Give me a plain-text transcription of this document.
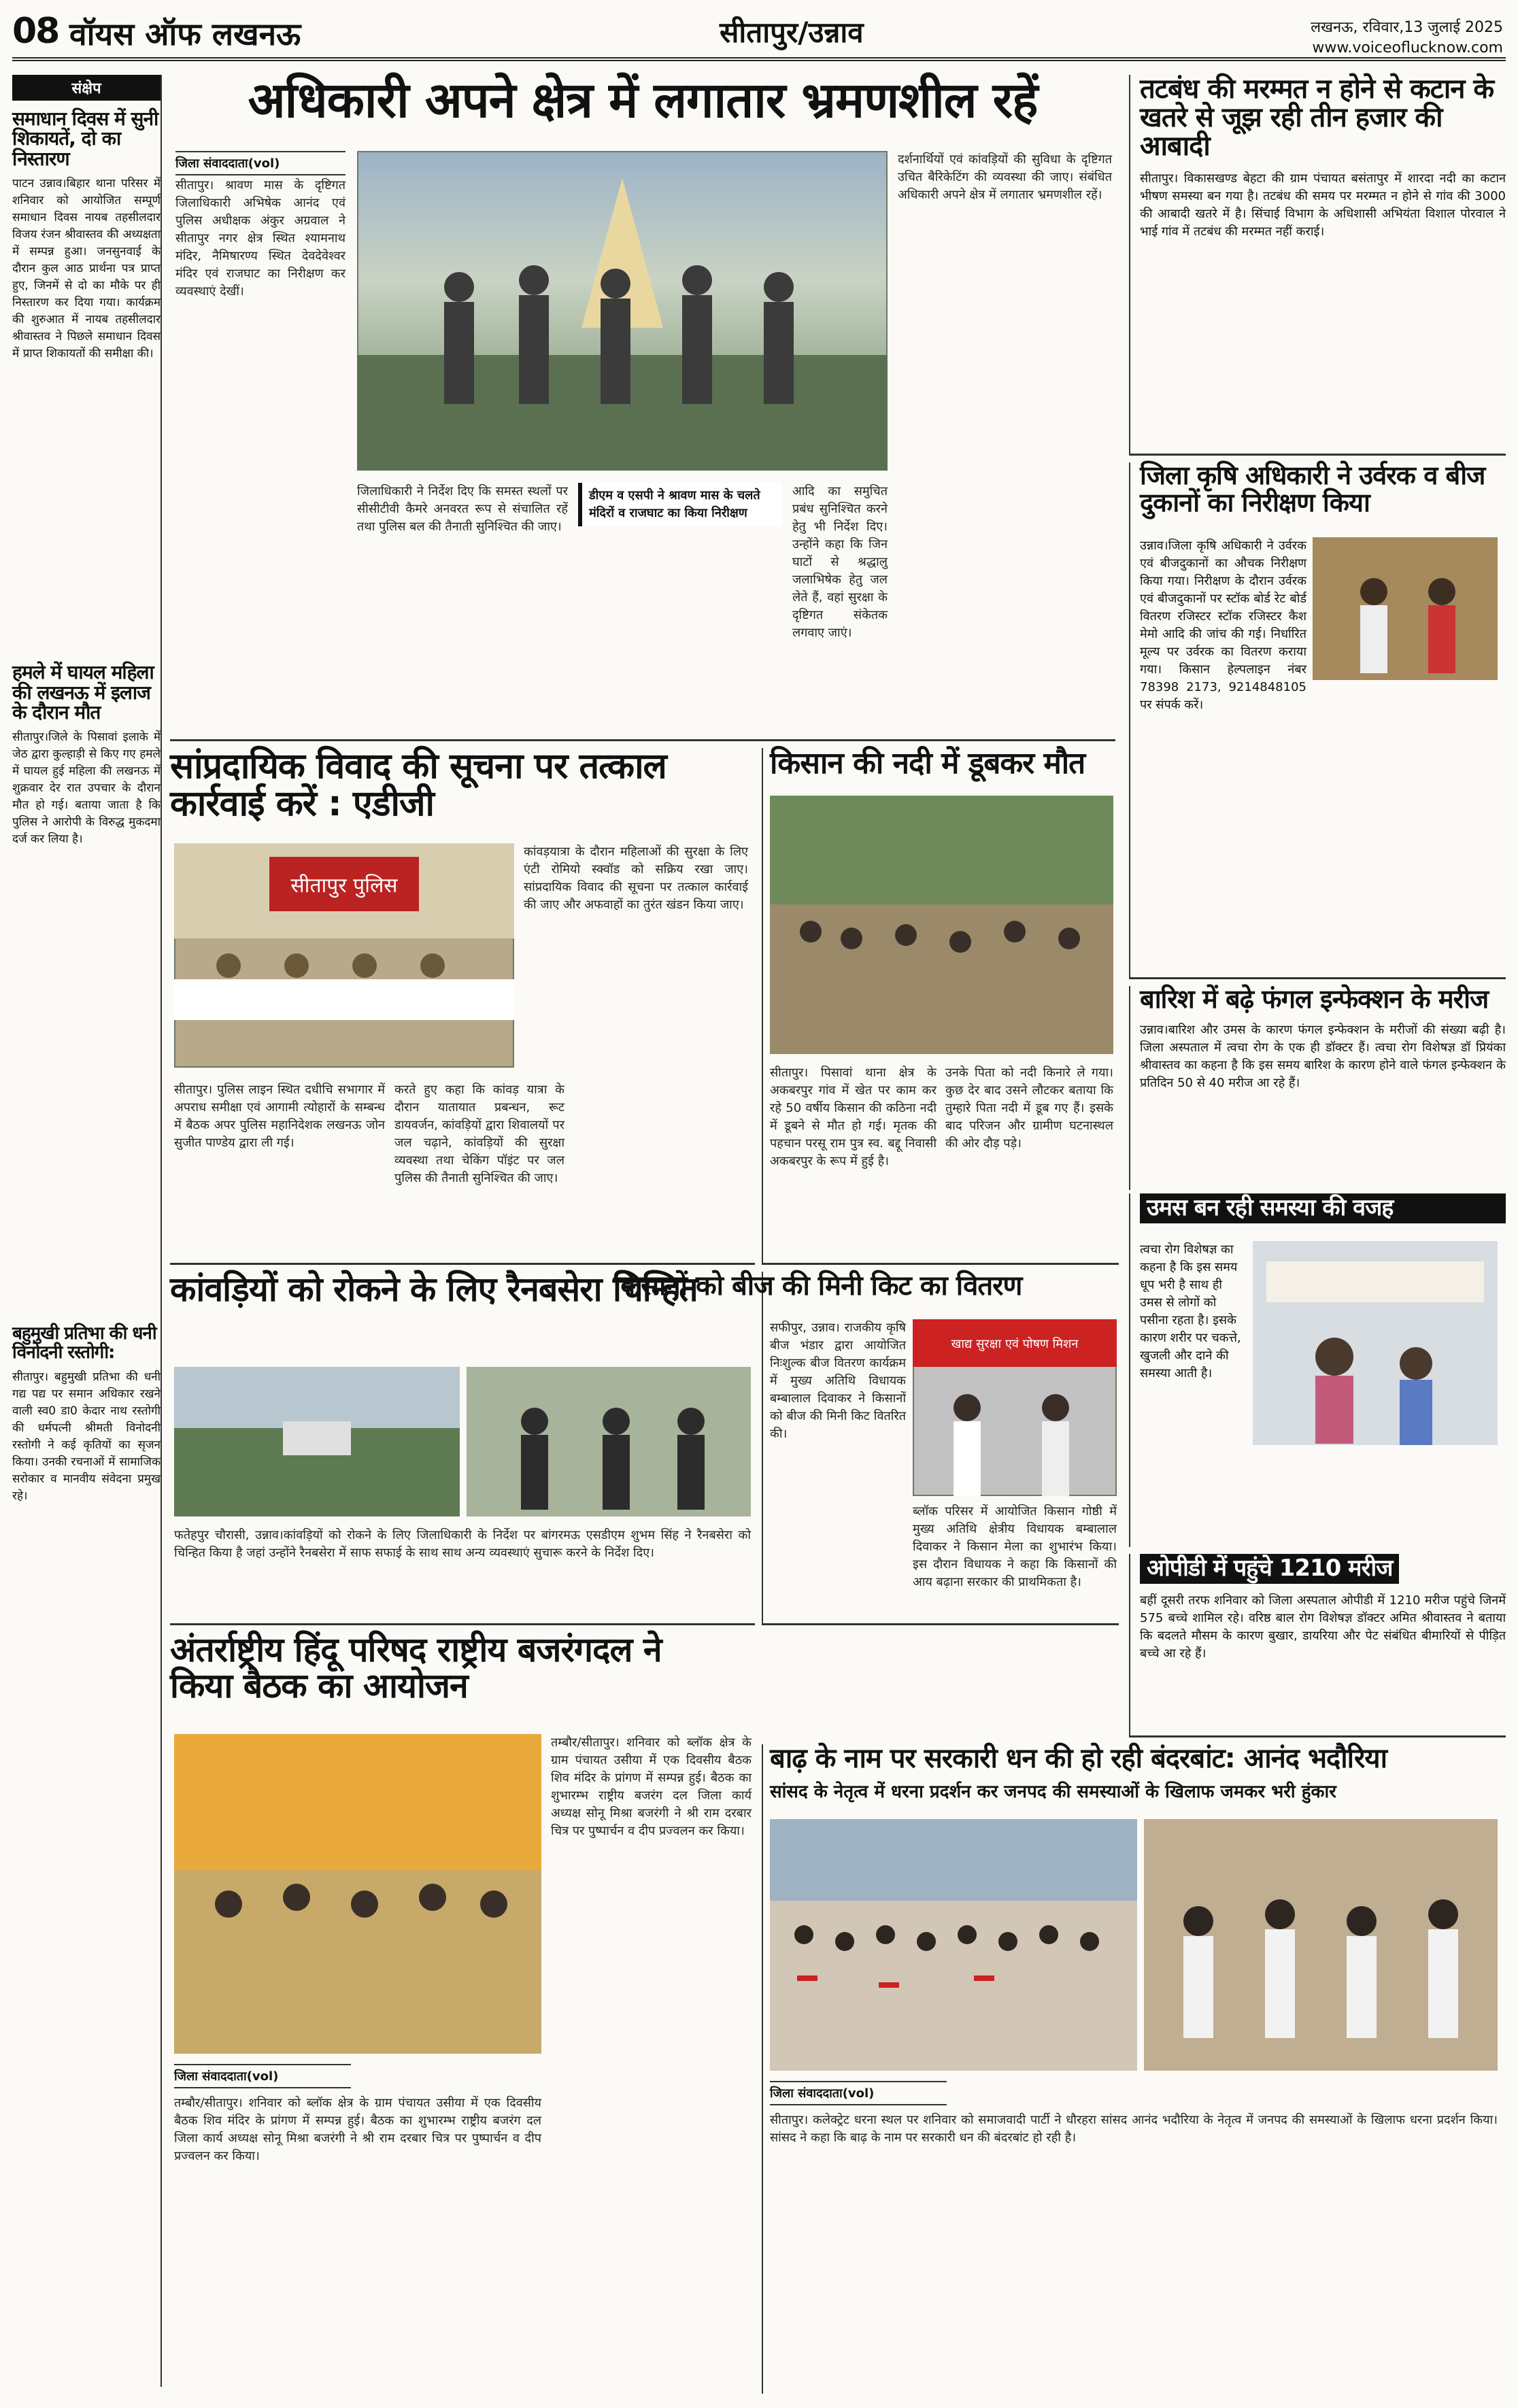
08 वॉयस ऑफ लखनऊ	सीतापुर/उन्नाव	लखनऊ, रविवार,13 जुलाई 2025
www.voiceoflucknow.com
संक्षेप
समाधान दिवस में सुनी शिकायतें, दो का निस्तारण
पाटन उन्नाव।बिहार थाना परिसर में शनिवार को आयोजित सम्पूर्ण समाधान दिवस नायब तहसीलदार विजय रंजन श्रीवास्तव की अध्यक्षता में सम्पन्न हुआ। जनसुनवाई के दौरान कुल आठ प्रार्थना पत्र प्राप्त हुए, जिनमें से दो का मौके पर ही निस्तारण कर दिया गया। कार्यक्रम की शुरुआत में नायब तहसीलदार श्रीवास्तव ने पिछले समाधान दिवस में प्राप्त शिकायतों की समीक्षा की।
हमले में घायल महिला की लखनऊ में इलाज के दौरान मौत
सीतापुर।जिले के पिसावां इलाके में जेठ द्वारा कुल्हाड़ी से किए गए हमले में घायल हुई महिला की लखनऊ में शुक्रवार देर रात उपचार के दौरान मौत हो गई। बताया जाता है कि पुलिस ने आरोपी के विरुद्ध मुकदमा दर्ज कर लिया है।
बहुमुखी प्रतिभा की धनी विनोदनी रस्तोगी:
सीतापुर। बहुमुखी प्रतिभा की धनी गद्य पद्य पर समान अधिकार रखने वाली स्व0 डा0 केदार नाथ रस्तोगी की धर्मपत्नी श्रीमती विनोदनी रस्तोगी ने कई कृतियों का सृजन किया। उनकी रचनाओं में सामाजिक सरोकार व मानवीय संवेदना प्रमुख रहे।
अधिकारी अपने क्षेत्र में लगातार भ्रमणशील रहें
जिला संवाददाता(vol)
सीतापुर। श्रावण मास के दृष्टिगत जिलाधिकारी अभिषेक आनंद एवं पुलिस अधीक्षक अंकुर अग्रवाल ने सीतापुर नगर क्षेत्र स्थित श्यामनाथ मंदिर, नैमिषारण्य स्थित देवदेवेश्वर मंदिर एवं राजघाट का निरीक्षण कर व्यवस्थाएं देखीं।
डीएम व एसपी ने श्रावण मास के चलते मंदिरों व राजघाट का किया निरीक्षण
जिलाधिकारी ने निर्देश दिए कि समस्त स्थलों पर सीसीटीवी कैमरे अनवरत रूप से संचालित रहें तथा पुलिस बल की तैनाती सुनिश्चित की जाए।
आदि का समुचित प्रबंध सुनिश्चित करने हेतु भी निर्देश दिए। उन्होंने कहा कि जिन घाटों से श्रद्धालु जलाभिषेक हेतु जल लेते हैं, वहां सुरक्षा के दृष्टिगत संकेतक लगवाए जाएं।
दर्शनार्थियों एवं कांवड़ियों की सुविधा के दृष्टिगत उचित बैरिकेटिंग की व्यवस्था की जाए। संबंधित अधिकारी अपने क्षेत्र में लगातार भ्रमणशील रहें।
तटबंध की मरम्मत न होने से कटान के खतरे से जूझ रही तीन हजार की आबादी
सीतापुर। विकासखण्ड बेहटा की ग्राम पंचायत बसंतापुर में शारदा नदी का कटान भीषण समस्या बन गया है। तटबंध की समय पर मरम्मत न होने से गांव की 3000 की आबादी खतरे में है। सिंचाई विभाग के अधिशासी अभियंता विशाल पोरवाल ने भाई गांव में तटबंध की मरम्मत नहीं कराई।
जिला कृषि अधिकारी ने उर्वरक व बीज दुकानों का निरीक्षण किया
उन्नाव।जिला कृषि अधिकारी ने उर्वरक एवं बीजदुकानों का औचक निरीक्षण किया गया। निरीक्षण के दौरान उर्वरक एवं बीजदुकानों पर स्टॉक बोर्ड रेट बोर्ड वितरण रजिस्टर स्टॉक रजिस्टर कैश मेमो आदि की जांच की गई। निर्धारित मूल्य पर उर्वरक का वितरण कराया गया। किसान हेल्पलाइन नंबर 78398 2173, 9214848105 पर संपर्क करें।
बारिश में बढ़े फंगल इन्फेक्शन के मरीज
उन्नाव।बारिश और उमस के कारण फंगल इन्फेक्शन के मरीजों की संख्या बढ़ी है। जिला अस्पताल में त्वचा रोग के एक ही डॉक्टर हैं। त्वचा रोग विशेषज्ञ डॉ प्रियंका श्रीवास्तव का कहना है कि इस समय बारिश के कारण होने वाले फंगल इन्फेक्शन के प्रतिदिन 50 से 40 मरीज आ रहे हैं।
उमस बन रही समस्या की वजह
त्वचा रोग विशेषज्ञ का कहना है कि इस समय धूप भरी है साथ ही उमस से लोगों को पसीना रहता है। इसके कारण शरीर पर चकत्ते, खुजली और दाने की समस्या आती है।
ओपीडी में पहुंचे 1210 मरीज
बहीं दूसरी तरफ शनिवार को जिला अस्पताल ओपीडी में 1210 मरीज पहुंचे जिनमें 575 बच्चे शामिल रहे। वरिष्ठ बाल रोग विशेषज्ञ डॉक्टर अमित श्रीवास्तव ने बताया कि बदलते मौसम के कारण बुखार, डायरिया और पेट संबंधित बीमारियों से पीड़ित बच्चे आ रहे हैं।
सांप्रदायिक विवाद की सूचना पर तत्काल कार्रवाई करें : एडीजी
सीतापुर पुलिस
सीतापुर। पुलिस लाइन स्थित दधीचि सभागार में अपराध समीक्षा एवं आगामी त्योहारों के सम्बन्ध में बैठक अपर पुलिस महानिदेशक लखनऊ जोन सुजीत पाण्डेय द्वारा ली गई।
करते हुए कहा कि कांवड़ यात्रा के दौरान यातायात प्रबन्धन, रूट डायवर्जन, कांवड़ियों द्वारा शिवालयों पर जल चढ़ाने, कांवड़ियों की सुरक्षा व्यवस्था तथा चेकिंग पॉइंट पर जल पुलिस की तैनाती सुनिश्चित की जाए।
कांवड़यात्रा के दौरान महिलाओं की सुरक्षा के लिए एंटी रोमियो स्क्वॉड को सक्रिय रखा जाए। सांप्रदायिक विवाद की सूचना पर तत्काल कार्रवाई की जाए और अफवाहों का तुरंत खंडन किया जाए।
किसान की नदी में डूबकर मौत
सीतापुर। पिसावां थाना क्षेत्र के अकबरपुर गांव में खेत पर काम कर रहे 50 वर्षीय किसान की कठिना नदी में डूबने से मौत हो गई। मृतक की पहचान परसू राम पुत्र स्व. बद्दू निवासी अकबरपुर के रूप में हुई है।
उनके पिता को नदी किनारे ले गया। कुछ देर बाद उसने लौटकर बताया कि तुम्हारे पिता नदी में डूब गए हैं। इसके बाद परिजन और ग्रामीण घटनास्थल की ओर दौड़ पड़े।
कांवड़ियों को रोकने के लिए रैनबसेरा चिन्हित
फतेहपुर चौरासी, उन्नाव।कांवड़ियों को रोकने के लिए जिलाधिकारी के निर्देश पर बांगरमऊ एसडीएम शुभम सिंह ने रैनबसेरा को चिन्हित किया है जहां उन्होंने रैनबसेरा में साफ सफाई के साथ साथ अन्य व्यवस्थाएं सुचारू करने के निर्देश दिए।
किसानों को बीज की मिनी किट का वितरण
सफीपुर, उन्नाव। राजकीय कृषि बीज भंडार द्वारा आयोजित निःशुल्क बीज वितरण कार्यक्रम में मुख्य अतिथि विधायक बम्बालाल दिवाकर ने किसानों को बीज की मिनी किट वितरित की।
खाद्य सुरक्षा एवं पोषण मिशन
ब्लॉक परिसर में आयोजित किसान गोष्ठी में मुख्य अतिथि क्षेत्रीय विधायक बम्बालाल दिवाकर ने किसान मेला का शुभारंभ किया। इस दौरान विधायक ने कहा कि किसानों की आय बढ़ाना सरकार की प्राथमिकता है।
अंतर्राष्ट्रीय हिंदू परिषद राष्ट्रीय बजरंगदल ने किया बैठक का आयोजन
जिला संवाददाता(vol)
तम्बौर/सीतापुर। शनिवार को ब्लॉक क्षेत्र के ग्राम पंचायत उसीया में एक दिवसीय बैठक शिव मंदिर के प्रांगण में सम्पन्न हुई। बैठक का शुभारम्भ राष्ट्रीय बजरंग दल जिला कार्य अध्यक्ष सोनू मिश्रा बजरंगी ने श्री राम दरबार चित्र पर पुष्पार्चन व दीप प्रज्वलन कर किया।
तम्बौर/सीतापुर। शनिवार को ब्लॉक क्षेत्र के ग्राम पंचायत उसीया में एक दिवसीय बैठक शिव मंदिर के प्रांगण में सम्पन्न हुई। बैठक का शुभारम्भ राष्ट्रीय बजरंग दल जिला कार्य अध्यक्ष सोनू मिश्रा बजरंगी ने श्री राम दरबार चित्र पर पुष्पार्चन व दीप प्रज्वलन कर किया।
बाढ़ के नाम पर सरकारी धन की हो रही बंदरबांट: आनंद भदौरिया
सांसद के नेतृत्व में धरना प्रदर्शन कर जनपद की समस्याओं के खिलाफ जमकर भरी हुंकार
जिला संवाददाता(vol)
सीतापुर। कलेक्ट्रेट धरना स्थल पर शनिवार को समाजवादी पार्टी ने धौरहरा सांसद आनंद भदौरिया के नेतृत्व में जनपद की समस्याओं के खिलाफ धरना प्रदर्शन किया। सांसद ने कहा कि बाढ़ के नाम पर सरकारी धन की बंदरबांट हो रही है।
